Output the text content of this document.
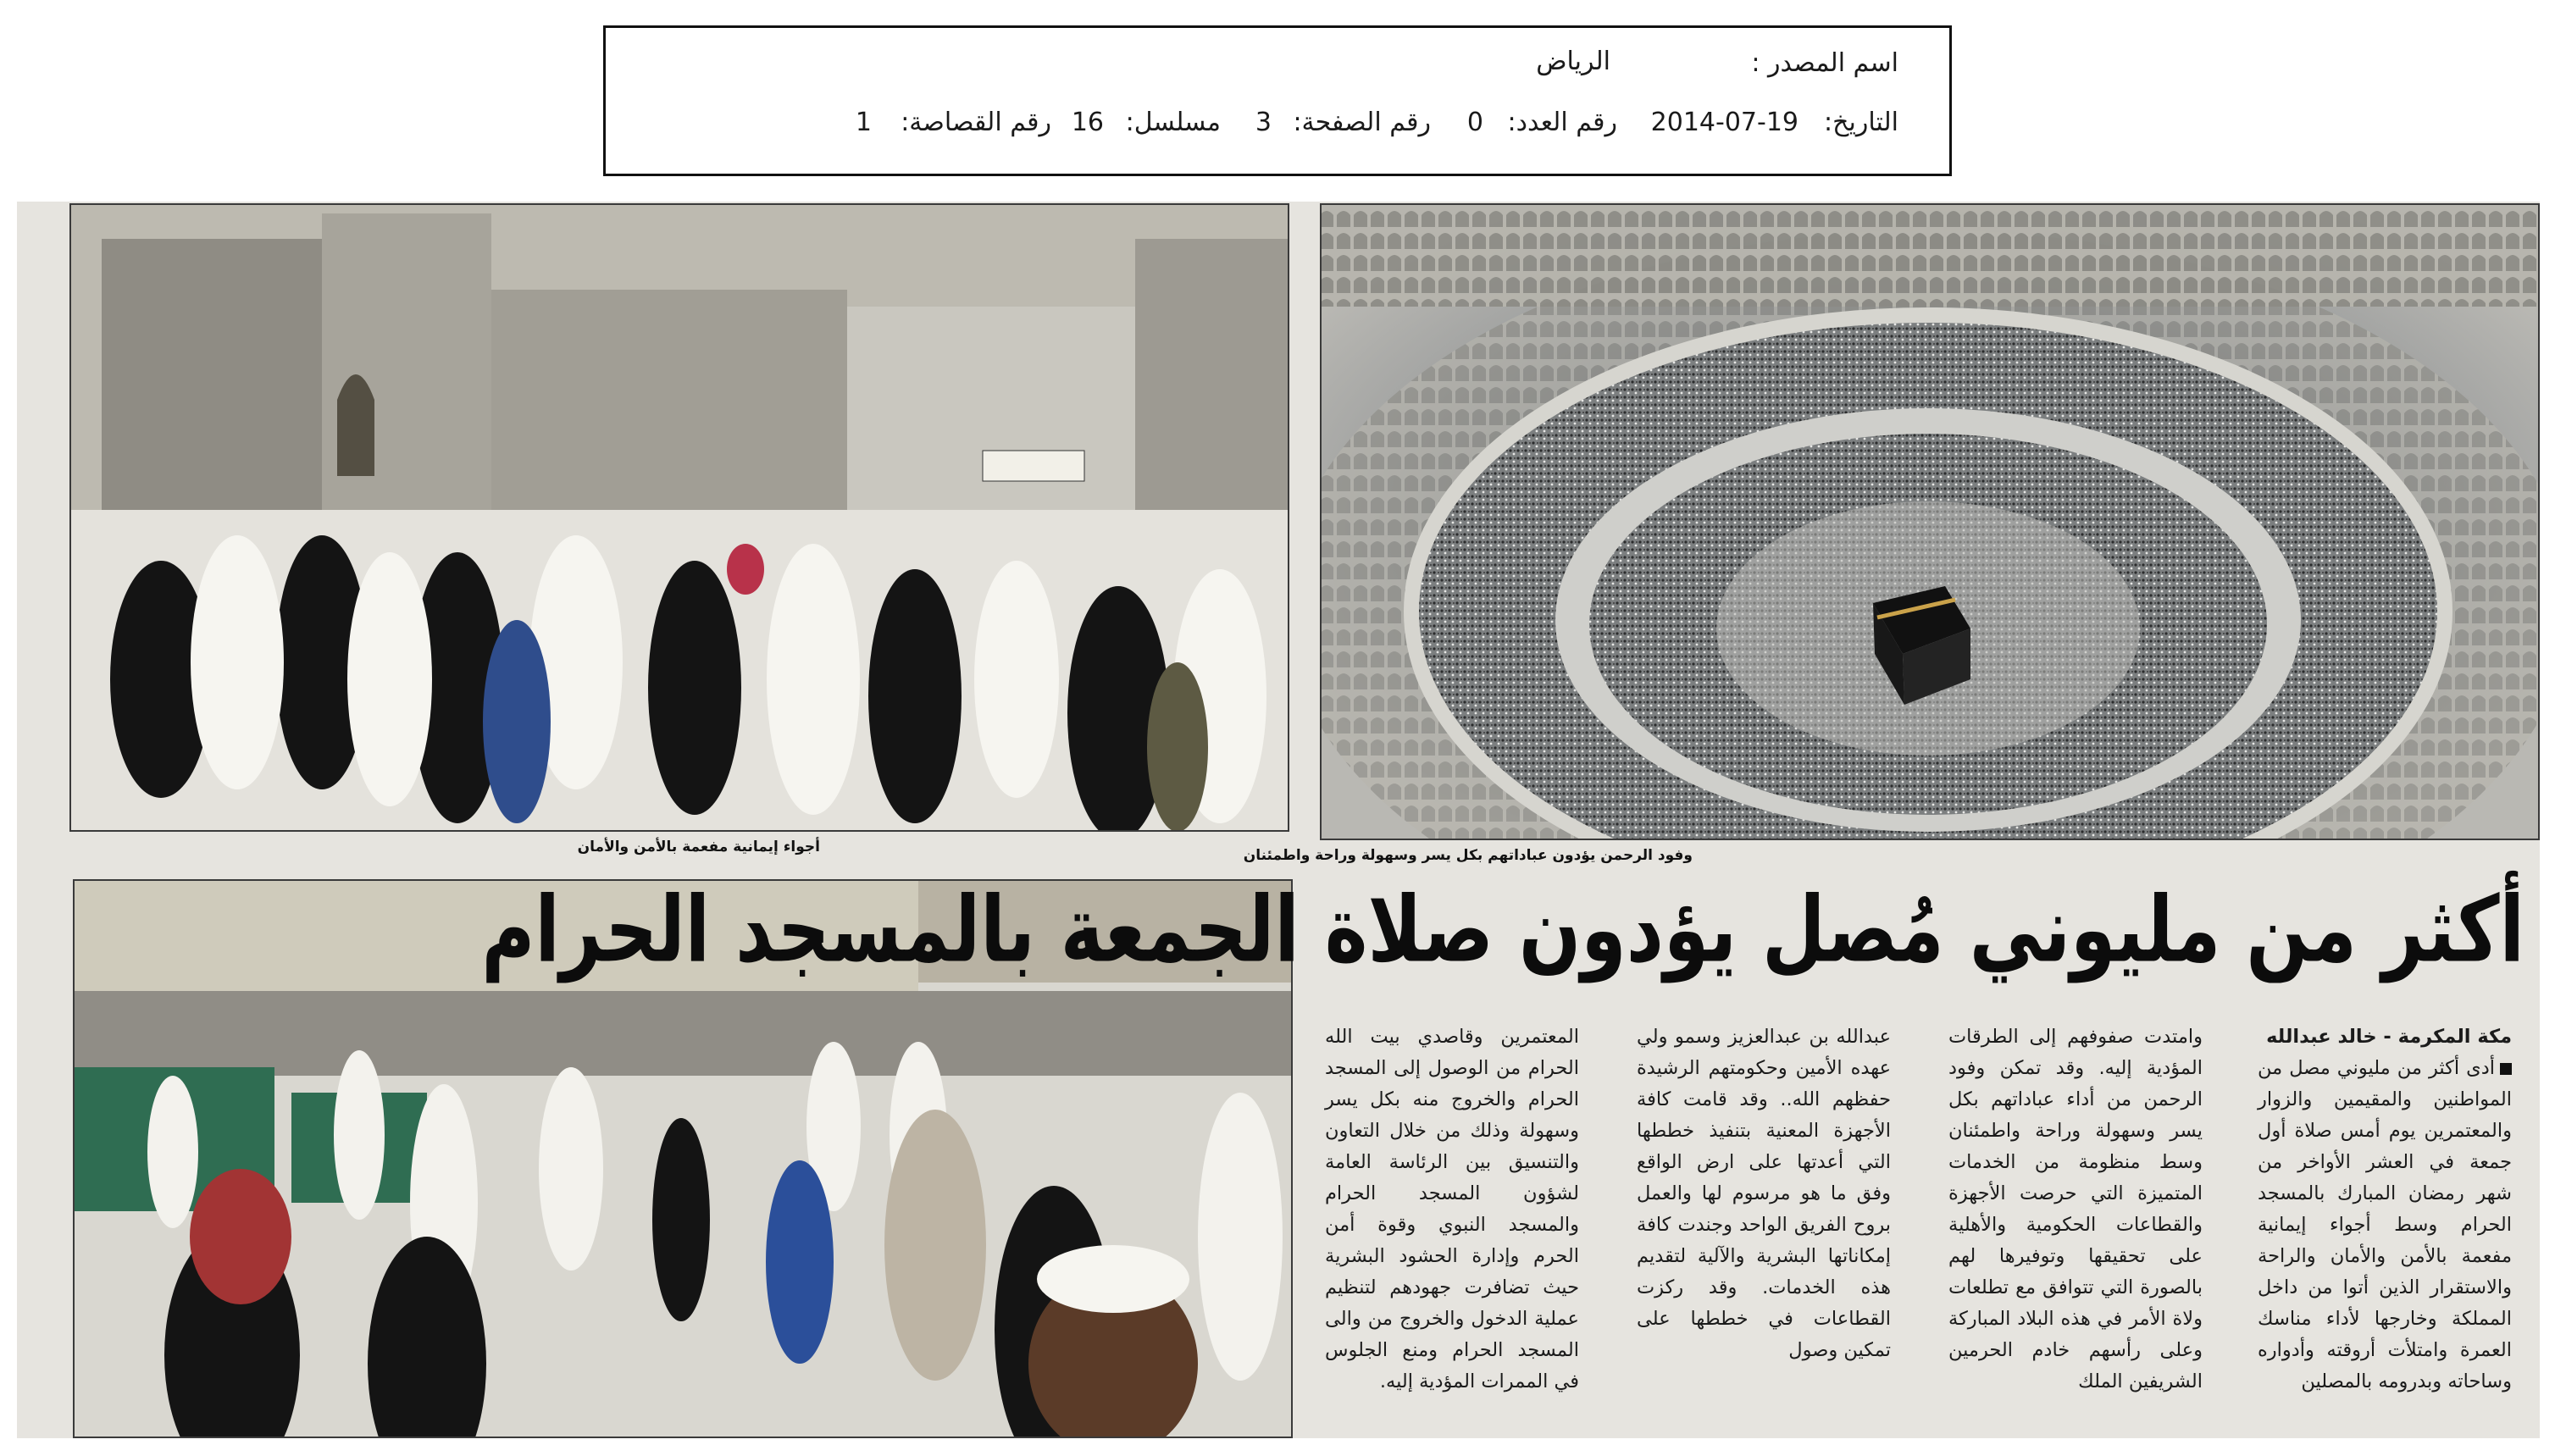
اسم المصدر :
الرياض
التاريخ:
2014-07-19
رقم العدد:
0
رقم الصفحة:
3
مسلسل:
16
رقم القصاصة:
1
وفود الرحمن يؤدون عباداتهم بكل يسر وسهولة وراحة واطمئنان
أجواء إيمانية مفعمة بالأمن والأمان
أكثر من مليوني مُصل يؤدون صلاة الجمعة بالمسجد الحرام
مكة المكرمة - خالد عبدالله
أدى أكثر من مليوني مصل من المواطنين والمقيمين والزوار والمعتمرين يوم أمس صلاة أول جمعة في العشر الأواخر من شهر رمضان المبارك بالمسجد الحرام وسط أجواء إيمانية مفعمة بالأمن والأمان والراحة والاستقرار الذين أتوا من داخل المملكة وخارجها لأداء مناسك العمرة وامتلأت أروقته وأدواره وساحاته وبدرومه بالمصلين
وامتدت صفوفهم إلى الطرقات المؤدية إليه. وقد تمكن وفود الرحمن من أداء عباداتهم بكل يسر وسهولة وراحة واطمئنان وسط منظومة من الخدمات المتميزة التي حرصت الأجهزة والقطاعات الحكومية والأهلية على تحقيقها وتوفيرها لهم بالصورة التي تتوافق مع تطلعات ولاة الأمر في هذه البلاد المباركة وعلى رأسهم خادم الحرمين الشريفين الملك
عبدالله بن عبدالعزيز وسمو ولي عهده الأمين وحكومتهم الرشيدة حفظهم الله.. وقد قامت كافة الأجهزة المعنية بتنفيذ خططها التي أعدتها على ارض الواقع وفق ما هو مرسوم لها والعمل بروح الفريق الواحد وجندت كافة إمكاناتها البشرية والآلية لتقديم هذه الخدمات. وقد ركزت القطاعات في خططها على تمكين وصول
المعتمرين وقاصدي بيت الله الحرام من الوصول إلى المسجد الحرام والخروج منه بكل يسر وسهولة وذلك من خلال التعاون والتنسيق بين الرئاسة العامة لشؤون المسجد الحرام والمسجد النبوي وقوة أمن الحرم وإدارة الحشود البشرية حيث تضافرت جهودهم لتنظيم عملية الدخول والخروج من والى المسجد الحرام ومنع الجلوس في الممرات المؤدية إليه.
